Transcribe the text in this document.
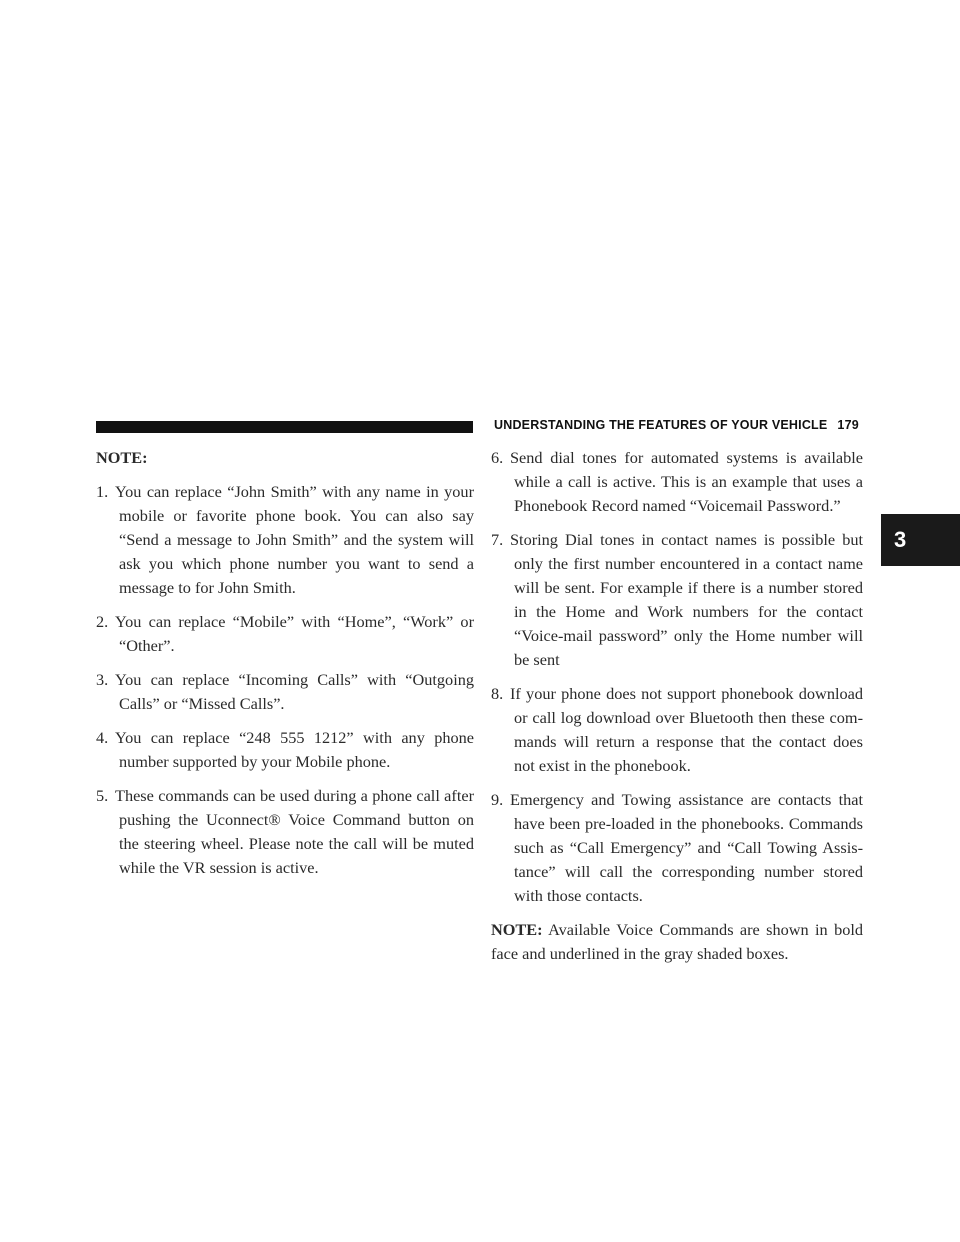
UNDERSTANDING THE FEATURES OF YOUR VEHICLE 179
3

NOTE:

1. You can replace “John Smith” with any name in your mobile or favorite phone book. You can also say “Send a message to John Smith” and the system will ask you which phone number you want to send a message to for John Smith.
2. You can replace “Mobile” with “Home”, “Work” or “Other”.
3. You can replace “Incoming Calls” with “Outgoing Calls” or “Missed Calls”.
4. You can replace “248 555 1212” with any phone number supported by your Mobile phone.
5. These commands can be used during a phone call after pushing the Uconnect® Voice Command button on the steering wheel. Please note the call will be muted while the VR session is active.
6. Send dial tones for automated systems is available while a call is active. This is an example that uses a Phonebook Record named “Voicemail Password.”
7. Storing Dial tones in contact names is possible but only the first number encountered in a contact name will be sent. For example if there is a number stored in the Home and Work numbers for the contact “Voice-mail password” only the Home number will be sent
8. If your phone does not support phonebook download or call log download over Bluetooth then these com-mands will return a response that the contact does not exist in the phonebook.
9. Emergency and Towing assistance are contacts that have been pre-loaded in the phonebooks. Commands such as “Call Emergency” and “Call Towing Assis-tance” will call the corresponding number stored with those contacts.

NOTE: Available Voice Commands are shown in bold face and underlined in the gray shaded boxes.
